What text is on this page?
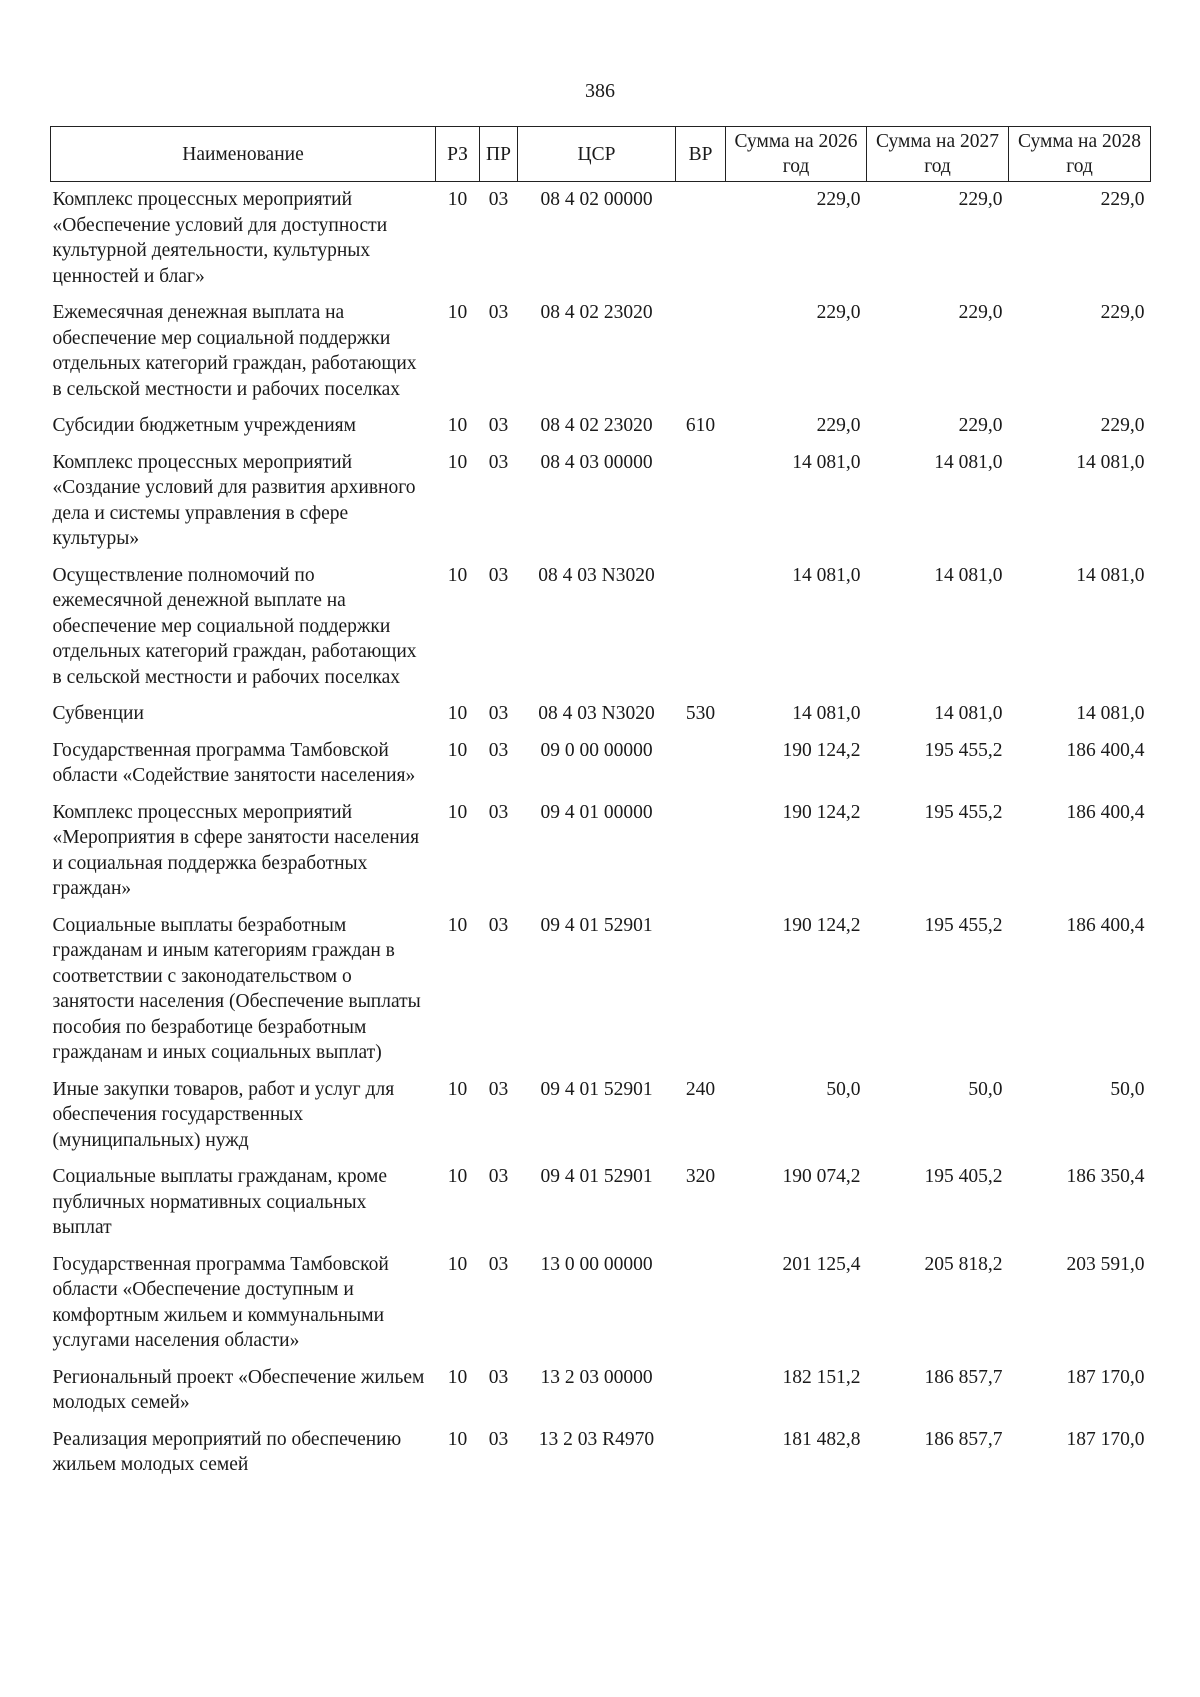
386
Наименование	РЗ	ПР	ЦСР	ВР	Сумма на 2026 год	Сумма на 2027 год	Сумма на 2028 год
Комплекс процессных мероприятий «Обеспечение условий для доступности культурной деятельности, культурных ценностей и благ»	10	03	08 4 02 00000		229,0	229,0	229,0
Ежемесячная денежная выплата на обеспечение мер социальной поддержки отдельных категорий граждан, работающих в сельской местности и рабочих поселках	10	03	08 4 02 23020		229,0	229,0	229,0
Субсидии бюджетным учреждениям	10	03	08 4 02 23020	610	229,0	229,0	229,0
Комплекс процессных мероприятий «Создание условий для развития архивного дела и системы управления в сфере культуры»	10	03	08 4 03 00000		14 081,0	14 081,0	14 081,0
Осуществление полномочий по ежемесячной денежной выплате на обеспечение мер социальной поддержки отдельных категорий граждан, работающих в сельской местности и рабочих поселках	10	03	08 4 03 N3020		14 081,0	14 081,0	14 081,0
Субвенции	10	03	08 4 03 N3020	530	14 081,0	14 081,0	14 081,0
Государственная программа Тамбовской области «Содействие занятости населения»	10	03	09 0 00 00000		190 124,2	195 455,2	186 400,4
Комплекс процессных мероприятий «Мероприятия в сфере занятости населения и социальная поддержка безработных граждан»	10	03	09 4 01 00000		190 124,2	195 455,2	186 400,4
Социальные выплаты безработным гражданам и иным категориям граждан в соответствии с законодательством о занятости населения (Обеспечение выплаты пособия по безработице безработным гражданам и иных социальных выплат)	10	03	09 4 01 52901		190 124,2	195 455,2	186 400,4
Иные закупки товаров, работ и услуг для обеспечения государственных (муниципальных) нужд	10	03	09 4 01 52901	240	50,0	50,0	50,0
Социальные выплаты гражданам, кроме публичных нормативных социальных выплат	10	03	09 4 01 52901	320	190 074,2	195 405,2	186 350,4
Государственная программа Тамбовской области «Обеспечение доступным и комфортным жильем и коммунальными услугами населения области»	10	03	13 0 00 00000		201 125,4	205 818,2	203 591,0
Региональный проект «Обеспечение жильем молодых семей»	10	03	13 2 03 00000		182 151,2	186 857,7	187 170,0
Реализация мероприятий по обеспечению жильем молодых семей	10	03	13 2 03 R4970		181 482,8	186 857,7	187 170,0
